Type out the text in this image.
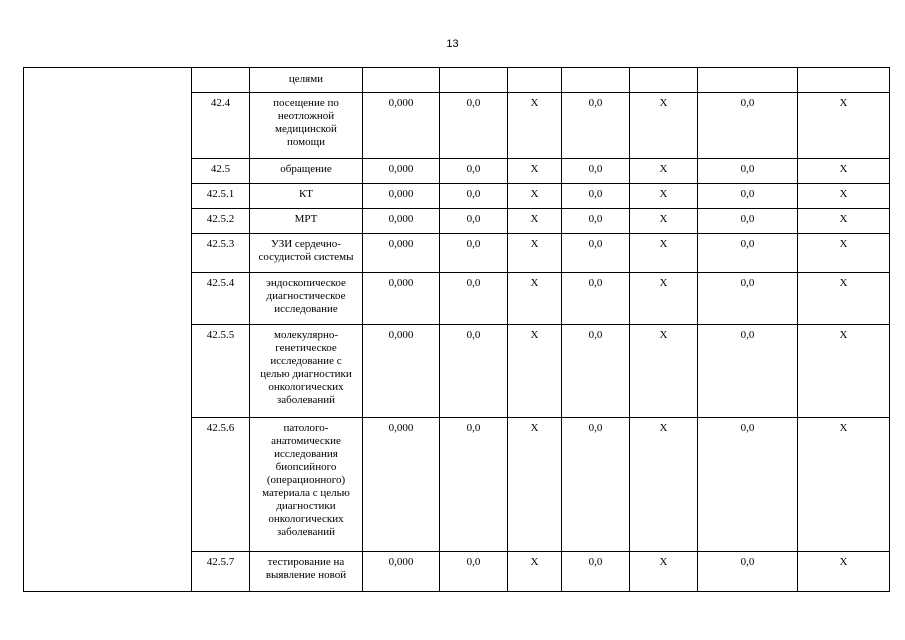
13
		целями							
	42.4	посещение по неотложной медицинской помощи	0,000	0,0	Х	0,0	Х	0,0	Х
	42.5	обращение	0,000	0,0	Х	0,0	Х	0,0	Х
	42.5.1	КТ	0,000	0,0	Х	0,0	Х	0,0	Х
	42.5.2	МРТ	0,000	0,0	Х	0,0	Х	0,0	Х
	42.5.3	УЗИ сердечно-сосудистой системы	0,000	0,0	Х	0,0	Х	0,0	Х
	42.5.4	эндоскопическое диагностическое исследование	0,000	0,0	Х	0,0	Х	0,0	Х
	42.5.5	молекулярно-генетическое исследование с целью диагностики онкологических заболеваний	0,000	0,0	Х	0,0	Х	0,0	Х
	42.5.6	патолого-анатомические исследования биопсийного (операционного) материала с целью диагностики онкологических заболеваний	0,000	0,0	Х	0,0	Х	0,0	Х
	42.5.7	тестирование на выявление новой	0,000	0,0	Х	0,0	Х	0,0	Х
